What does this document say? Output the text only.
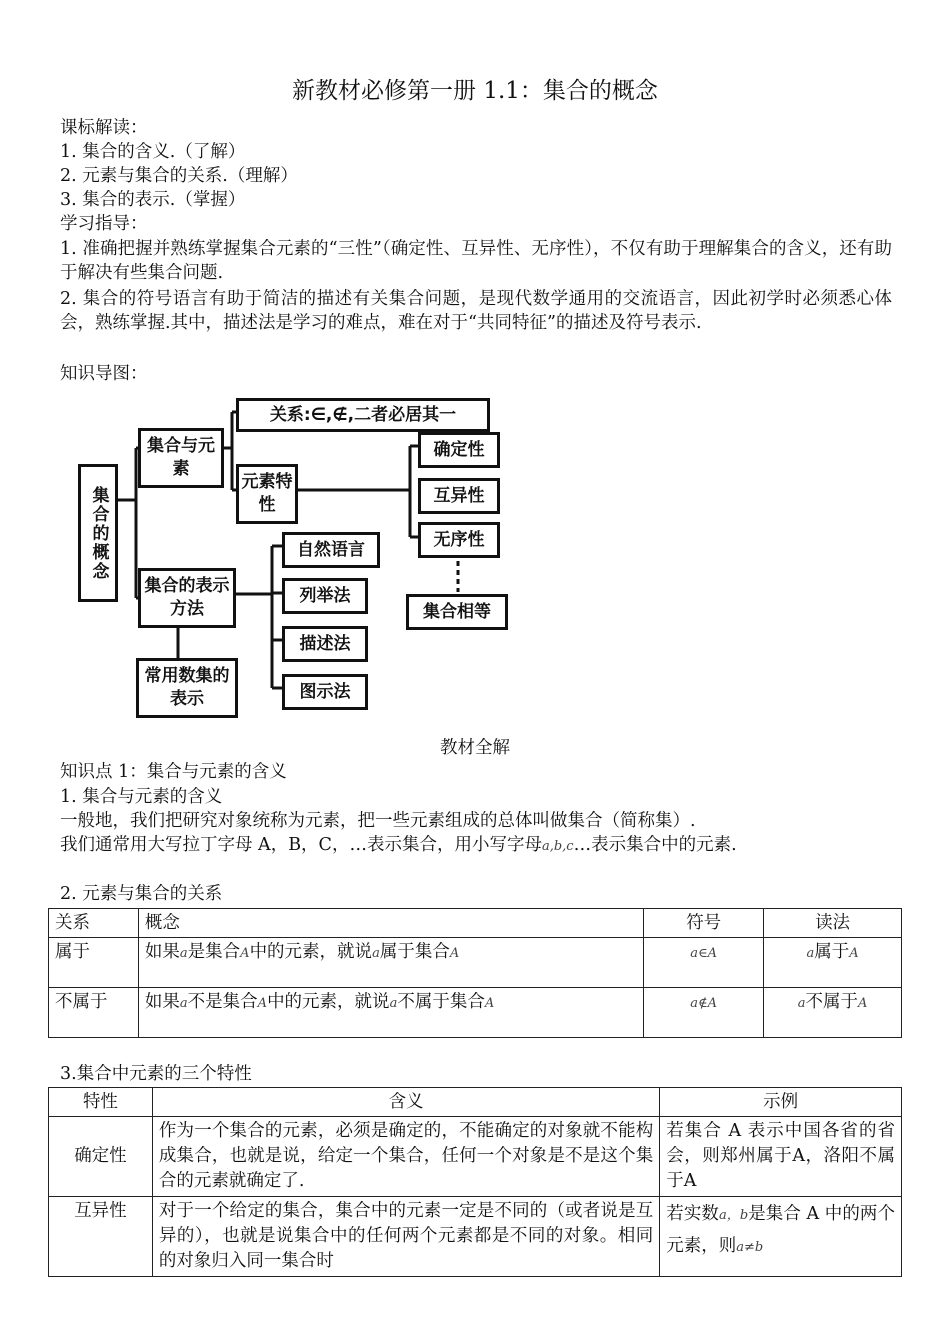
新教材必修第一册 1.1：集合的概念
课标解读：
1. 集合的含义.（了解）
2. 元素与集合的关系.（理解）
3. 集合的表示.（掌握）
学习指导：
1. 准确把握并熟练掌握集合元素的“三性”（确定性、互异性、无序性），不仅有助于理解集合的含义，还有助于解决有些集合问题.
2. 集合的符号语言有助于简洁的描述有关集合问题，是现代数学通用的交流语言，因此初学时必须悉心体会，熟练掌握.其中，描述法是学习的难点，难在对于“共同特征”的描述及符号表示.
知识导图：
集合的概念
集合与元素
关系:∈,∉,二者必居其一
元素特性
确定性
互异性
无序性
集合相等
集合的表示方法
自然语言
列举法
描述法
图示法
常用数集的表示
教材全解
知识点 1：集合与元素的含义
1. 集合与元素的含义
一般地，我们把研究对象统称为元素，把一些元素组成的总体叫做集合（简称集）.
我们通常用大写拉丁字母 A，B，C，…表示集合，用小写字母a,b,c…表示集合中的元素.
2. 元素与集合的关系
关系	概念	符号	读法
属于	如果a是集合A中的元素，就说a属于集合A	a∈A	a属于A
不属于	如果a不是集合A中的元素，就说a不属于集合A	a∉A	a不属于A
3.集合中元素的三个特性
特性	含义	示例
确定性	作为一个集合的元素，必须是确定的，不能确定的对象就不能构成集合，也就是说，给定一个集合，任何一个对象是不是这个集合的元素就确定了.	若集合 A 表示中国各省的省会，则郑州属于A，洛阳不属于A
互异性	对于一个给定的集合，集合中的元素一定是不同的（或者说是互异的），也就是说集合中的任何两个元素都是不同的对象。相同的对象归入同一集合时	若实数a，b是集合 A 中的两个元素，则a≠b
